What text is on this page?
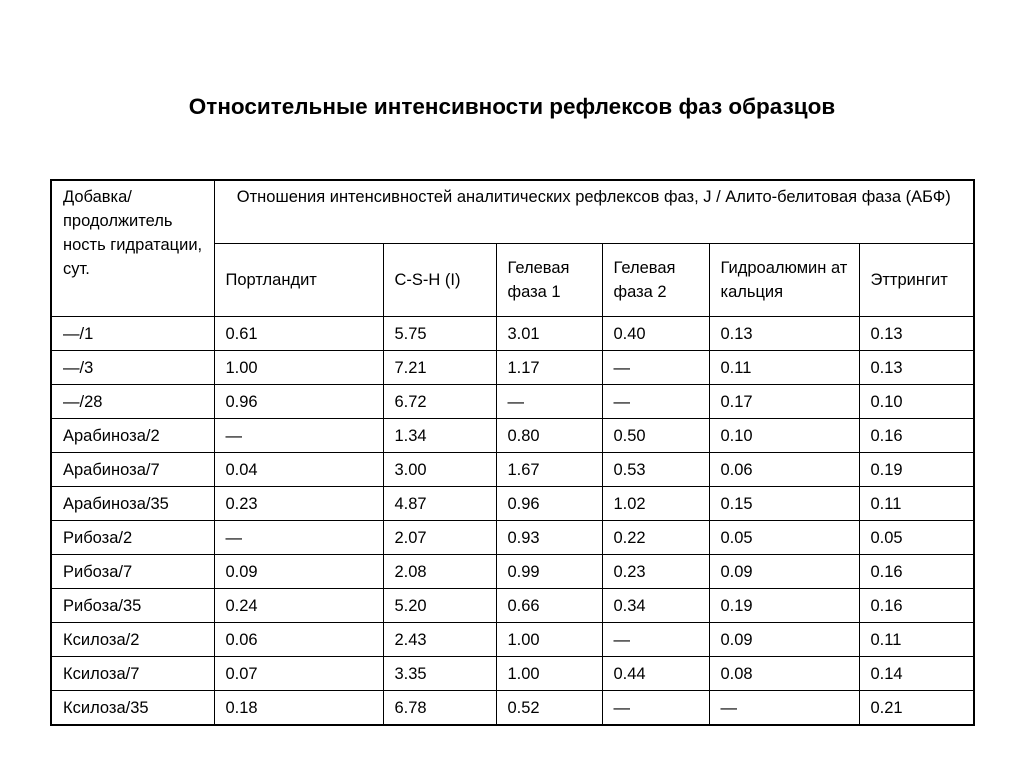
Относительные интенсивности рефлексов фаз образцов
Добавка/ продолжитель ность гидратации, сут.	Отношения интенсивностей аналитических рефлексов фаз, J / Алито-белитовая фаза (АБФ)					
	Портландит	C-S-H (I)	Гелевая фаза 1	Гелевая фаза 2	Гидроалюмин ат кальция	Эттрингит
—/1	0.61	5.75	3.01	0.40	0.13	0.13
—/3	1.00	7.21	1.17	—	0.11	0.13
—/28	0.96	6.72	—	—	0.17	0.10
Арабиноза/2	—	1.34	0.80	0.50	0.10	0.16
Арабиноза/7	0.04	3.00	1.67	0.53	0.06	0.19
Арабиноза/35	0.23	4.87	0.96	1.02	0.15	0.11
Рибоза/2	—	2.07	0.93	0.22	0.05	0.05
Рибоза/7	0.09	2.08	0.99	0.23	0.09	0.16
Рибоза/35	0.24	5.20	0.66	0.34	0.19	0.16
Ксилоза/2	0.06	2.43	1.00	—	0.09	0.11
Ксилоза/7	0.07	3.35	1.00	0.44	0.08	0.14
Ксилоза/35	0.18	6.78	0.52	—	—	0.21
